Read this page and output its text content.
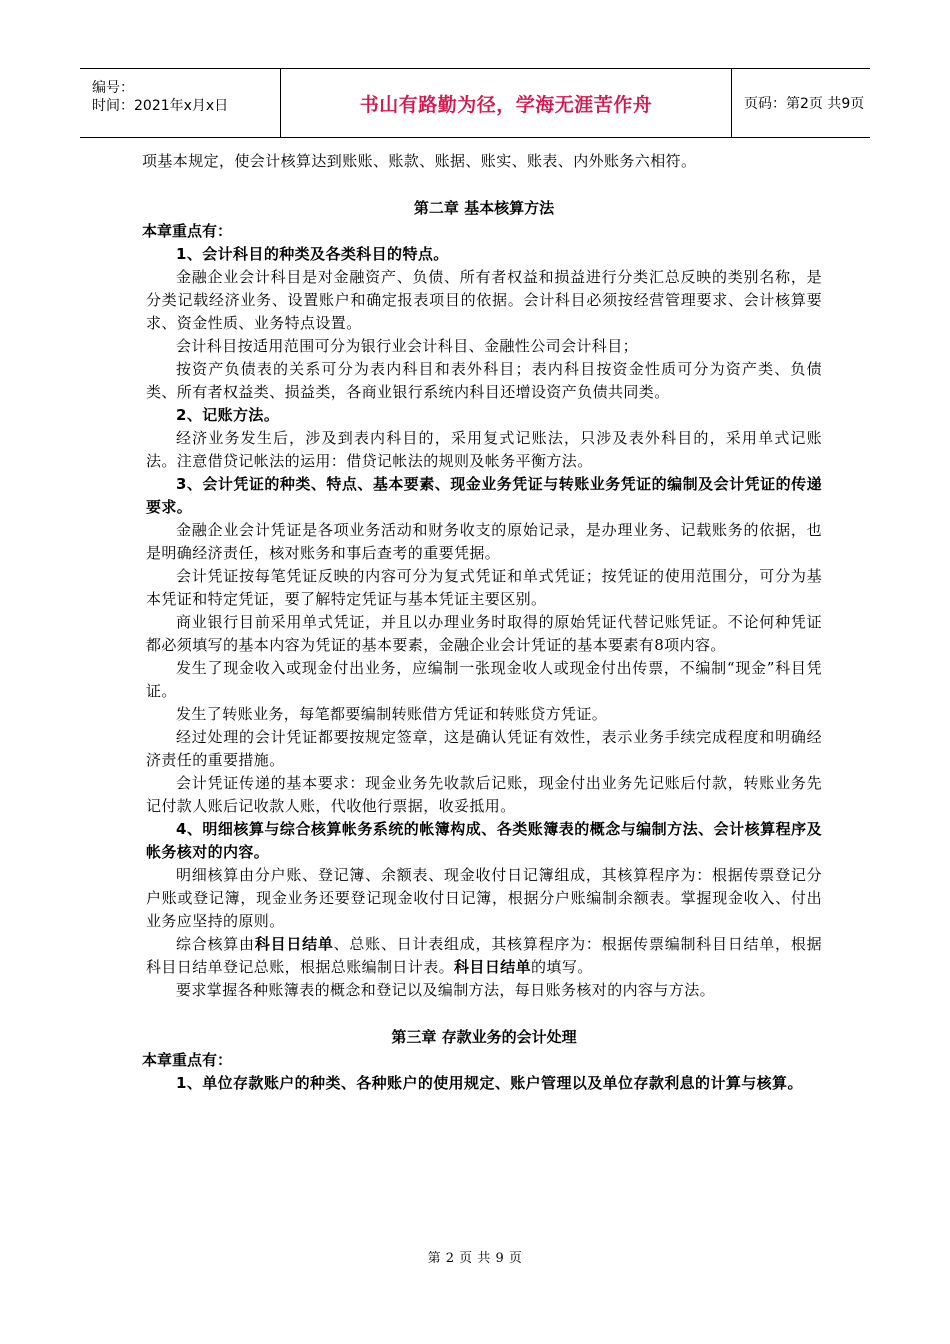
编号：
时间：2021年x月x日	书山有路勤为径，学海无涯苦作舟	页码：第2页 共9页

项基本规定，使会计核算达到账账、账款、账据、账实、账表、内外账务六相符。

第二章 基本核算方法

本章重点有：

1、会计科目的种类及各类科目的特点。

金融企业会计科目是对金融资产、负债、所有者权益和损益进行分类汇总反映的类别名称，是分类记载经济业务、设置账户和确定报表项目的依据。会计科目必须按经营管理要求、会计核算要求、资金性质、业务特点设置。

会计科目按适用范围可分为银行业会计科目、金融性公司会计科目；

按资产负债表的关系可分为表内科目和表外科目；表内科目按资金性质可分为资产类、负债类、所有者权益类、损益类，各商业银行系统内科目还增设资产负债共同类。

2、记账方法。

经济业务发生后，涉及到表内科目的，采用复式记账法，只涉及表外科目的，采用单式记账法。注意借贷记帐法的运用：借贷记帐法的规则及帐务平衡方法。

3、会计凭证的种类、特点、基本要素、现金业务凭证与转账业务凭证的编制及会计凭证的传递要求。

金融企业会计凭证是各项业务活动和财务收支的原始记录，是办理业务、记载账务的依据，也是明确经济责任，核对账务和事后查考的重要凭据。

会计凭证按每笔凭证反映的内容可分为复式凭证和单式凭证；按凭证的使用范围分，可分为基本凭证和特定凭证，要了解特定凭证与基本凭证主要区别。

商业银行目前采用单式凭证，并且以办理业务时取得的原始凭证代替记账凭证。不论何种凭证都必须填写的基本内容为凭证的基本要素，金融企业会计凭证的基本要素有8项内容。

发生了现金收入或现金付出业务，应编制一张现金收人或现金付出传票，不编制“现金”科目凭证。

发生了转账业务，每笔都要编制转账借方凭证和转账贷方凭证。

经过处理的会计凭证都要按规定签章，这是确认凭证有效性，表示业务手续完成程度和明确经济责任的重要措施。

会计凭证传递的基本要求：现金业务先收款后记账，现金付出业务先记账后付款，转账业务先记付款人账后记收款人账，代收他行票据，收妥抵用。

4、明细核算与综合核算帐务系统的帐簿构成、各类账簿表的概念与编制方法、会计核算程序及帐务核对的内容。

明细核算由分户账、登记簿、余额表、现金收付日记簿组成，其核算程序为：根据传票登记分户账或登记簿，现金业务还要登记现金收付日记簿，根据分户账编制余额表。掌握现金收入、付出业务应坚持的原则。

综合核算由科目日结单、总账、日计表组成，其核算程序为：根据传票编制科目日结单，根据科目日结单登记总账，根据总账编制日计表。科目日结单的填写。

要求掌握各种账簿表的概念和登记以及编制方法，每日账务核对的内容与方法。

第三章 存款业务的会计处理

本章重点有：

1、单位存款账户的种类、各种账户的使用规定、账户管理以及单位存款利息的计算与核算。

第 2 页 共 9 页
